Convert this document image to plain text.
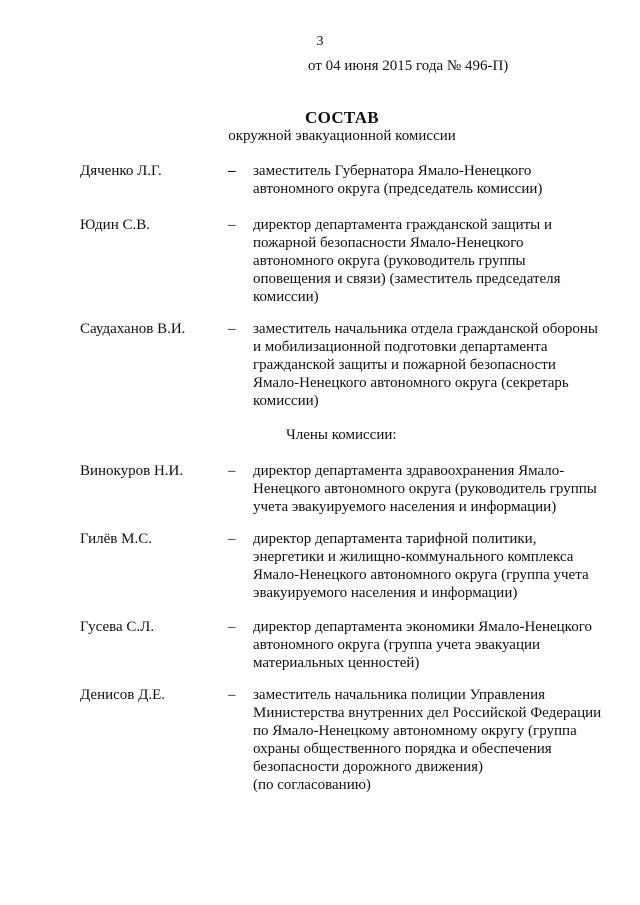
3
от 04 июня 2015 года № 496-П)
СОСТАВ
окружной эвакуационной комиссии
Дяченко Л.Г.	– заместитель Губернатора Ямало-Ненецкого
автономного округа (председатель комиссии)
Юдин С.В.	– директор департамента гражданской защиты и
пожарной безопасности Ямало-Ненецкого
автономного округа (руководитель группы
оповещения и связи) (заместитель председателя
комиссии)
Саудаханов В.И.	– заместитель начальника отдела гражданской обороны
и мобилизационной подготовки департамента
гражданской защиты и пожарной безопасности
Ямало-Ненецкого автономного округа (секретарь
комиссии)
Члены комиссии:
Винокуров Н.И.	– директор департамента здравоохранения Ямало-
Ненецкого автономного округа (руководитель группы
учета эвакуируемого населения и информации)
Гилёв М.С.	– директор департамента тарифной политики,
энергетики и жилищно-коммунального комплекса
Ямало-Ненецкого автономного округа (группа учета
эвакуируемого населения и информации)
Гусева С.Л.	– директор департамента экономики Ямало-Ненецкого
автономного округа (группа учета эвакуации
материальных ценностей)
Денисов Д.Е.	– заместитель начальника полиции Управления
Министерства внутренних дел Российской Федерации
по Ямало-Ненецкому автономному округу (группа
охраны общественного порядка и обеспечения
безопасности дорожного движения)
(по согласованию)
